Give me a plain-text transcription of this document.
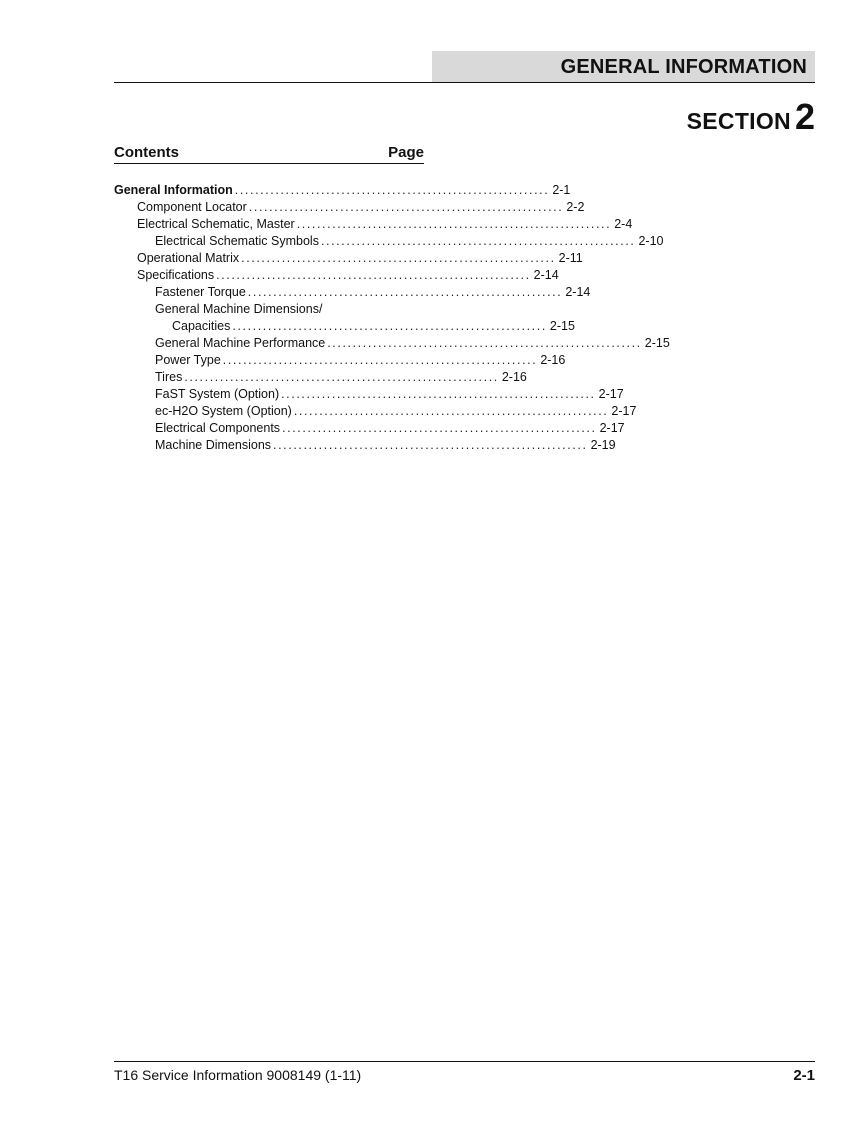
GENERAL INFORMATION
SECTION 2
Contents	Page
General Information .............................................................. 2-1
Component Locator .............................................................. 2-2
Electrical Schematic, Master .............................................................. 2-4
Electrical Schematic Symbols .............................................................. 2-10
Operational Matrix .............................................................. 2-11
Specifications .............................................................. 2-14
Fastener Torque .............................................................. 2-14
General Machine Dimensions/
Capacities .............................................................. 2-15
General Machine Performance .............................................................. 2-15
Power Type .............................................................. 2-16
Tires .............................................................. 2-16
FaST System (Option) .............................................................. 2-17
ec-H2O System (Option) .............................................................. 2-17
Electrical Components .............................................................. 2-17
Machine Dimensions .............................................................. 2-19
T16 Service Information 9008149 (1-11)	2-1
